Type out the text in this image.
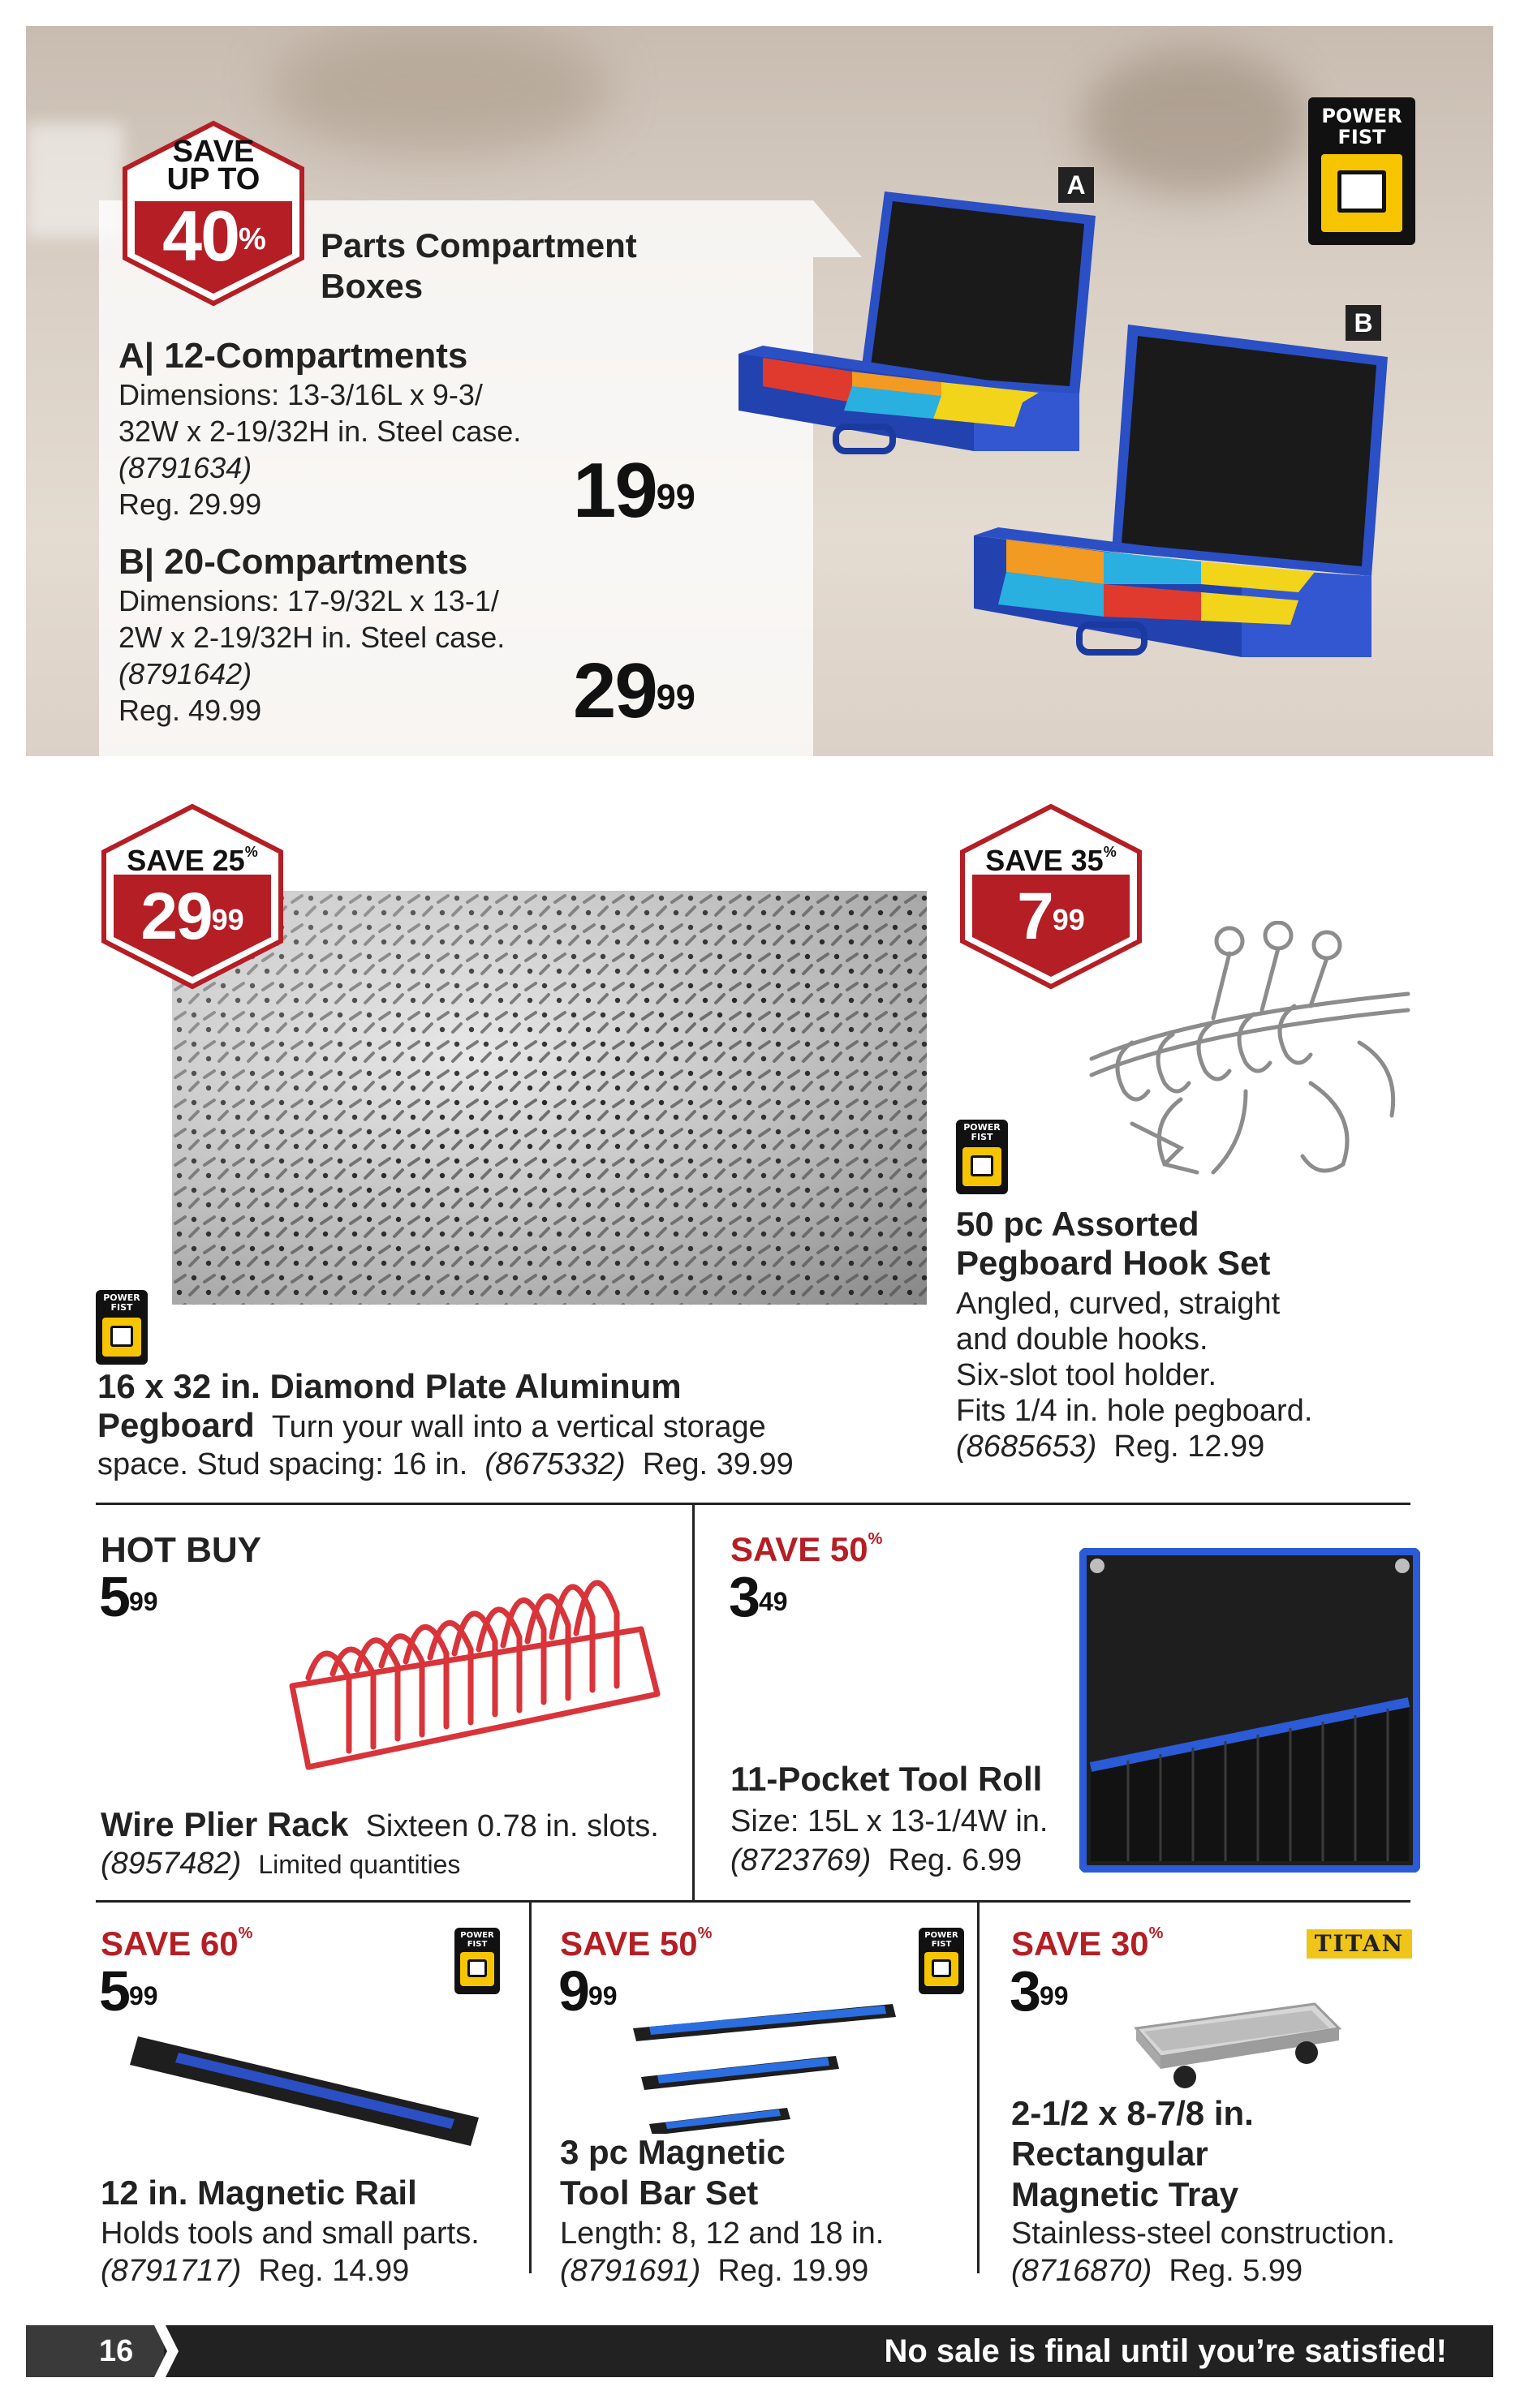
SAVE
UP TO
40%	Parts Compartment
Boxes
A| 12-Compartments
Dimensions: 13-3/16L x 9-3/
32W x 2-19/32H in. Steel case.
(8791634)
Reg. 29.99	$19^{99}$
B| 20-Compartments
Dimensions: 17-9/32L x 13-1/
2W x 2-19/32H in. Steel case.
(8791642)
Reg. 49.99	$29^{99}$
POWER
FIST
A
B
SAVE 25%
$29^{99}$
POWER
FIST
16 x 32 in. Diamond Plate Aluminum
Pegboard Turn your wall into a vertical storage
space. Stud spacing: 16 in. (8675332) Reg. 39.99
SAVE 35%
$7^{99}$
POWER
FIST
50 pc Assorted
Pegboard Hook Set
Angled, curved, straight
and double hooks.
Six-slot tool holder.
Fits 1/4 in. hole pegboard.
(8685653) Reg. 12.99
HOT BUY
$5^{99}$
Wire Plier Rack Sixteen 0.78 in. slots.
(8957482) Limited quantities
SAVE 50%
$3^{49}$
11-Pocket Tool Roll
Size: 15L x 13-1/4W in.
(8723769) Reg. 6.99
SAVE 60%
$5^{99}$
POWER
FIST
12 in. Magnetic Rail
Holds tools and small parts.
(8791717) Reg. 14.99
SAVE 50%
$9^{99}$
POWER
FIST
3 pc Magnetic
Tool Bar Set
Length: 8, 12 and 18 in.
(8791691) Reg. 19.99
SAVE 30%
$3^{99}$
TITAN
2-1/2 x 8-7/8 in.
Rectangular
Magnetic Tray
Stainless-steel construction.
(8716870) Reg. 5.99
16	No sale is final until you’re satisfied!
